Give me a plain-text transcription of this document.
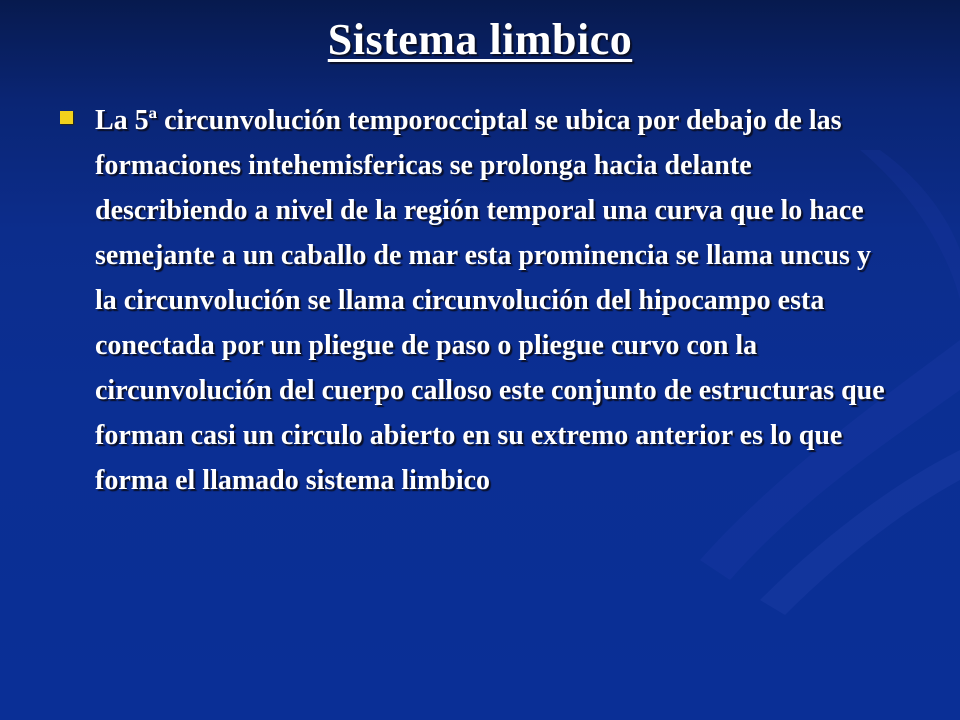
Sistema limbico

La 5ª circunvolución temporocciptal se ubica por debajo de las formaciones intehemisfericas se prolonga hacia delante describiendo a nivel de la región temporal una curva que lo hace semejante a un caballo de mar esta prominencia se llama uncus y la circunvolución se llama circunvolución del hipocampo esta conectada por un pliegue de paso o pliegue curvo con la circunvolución del cuerpo calloso este conjunto de estructuras que forman casi un circulo abierto en su extremo anterior es lo que forma el llamado sistema limbico
